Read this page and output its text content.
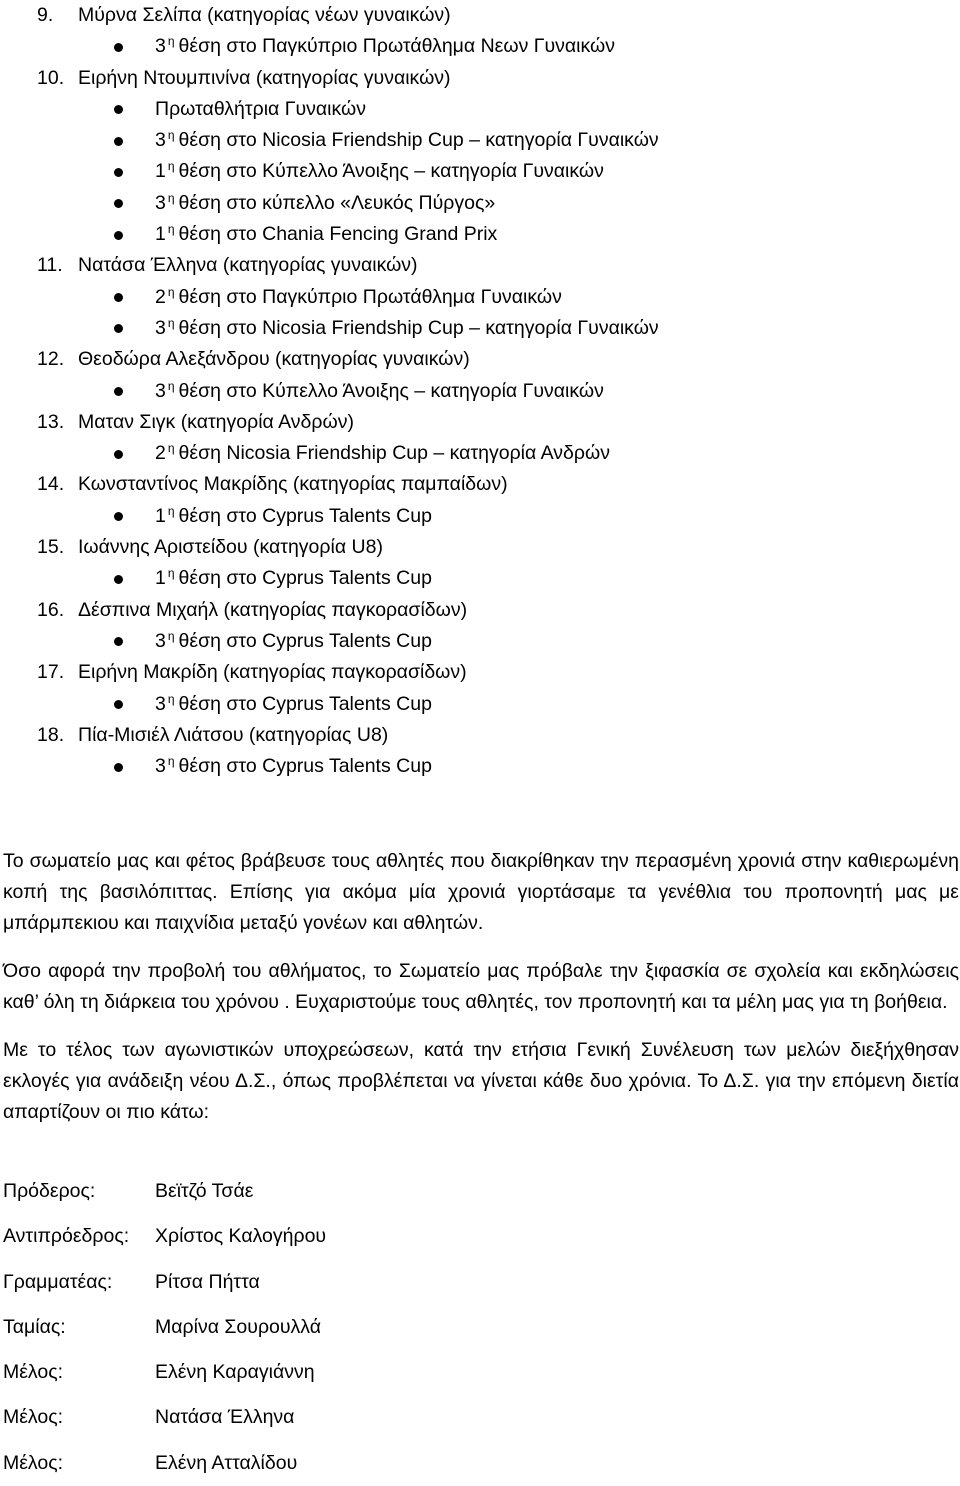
9. Μύρνα Σελίπα (κατηγορίας νέων γυναικών)
3 $^\eta$ θέση στο Παγκύπριο Πρωτάθλημα Νεων Γυναικών
10. Ειρήνη Ντουμπινίνα (κατηγορίας γυναικών)
Πρωταθλήτρια Γυναικών
3 $^\eta$ θέση στο Nicosia Friendship Cup – κατηγορία Γυναικών
1 $^\eta$ θέση στο Κύπελλο Άνοιξης – κατηγορία Γυναικών
3 $^\eta$ θέση στο κύπελλο «Λευκός Πύργος»
1 $^\eta$ θέση στο Chania Fencing Grand Prix
11. Νατάσα Έλληνα (κατηγορίας γυναικών)
2 $^\eta$ θέση στο Παγκύπριο Πρωτάθλημα Γυναικών
3 $^\eta$ θέση στο Nicosia Friendship Cup – κατηγορία Γυναικών
12. Θεοδώρα Αλεξάνδρου (κατηγορίας γυναικών)
3 $^\eta$ θέση στο Κύπελλο Άνοιξης – κατηγορία Γυναικών
13. Ματαν Σιγκ (κατηγορία Ανδρών)
2 $^\eta$ θέση Nicosia Friendship Cup – κατηγορία Ανδρών
14. Κωνσταντίνος Μακρίδης (κατηγορίας παμπαίδων)
1 $^\eta$ θέση στο Cyprus Talents Cup
15. Ιωάννης Αριστείδου (κατηγορία U8)
1 $^\eta$ θέση στο Cyprus Talents Cup
16. Δέσπινα Μιχαήλ (κατηγορίας παγκορασίδων)
3 $^\eta$ θέση στο Cyprus Talents Cup
17. Ειρήνη Μακρίδη (κατηγορίας παγκορασίδων)
3 $^\eta$ θέση στο Cyprus Talents Cup
18. Πία-Μισιέλ Λιάτσου (κατηγορίας U8)
3 $^\eta$ θέση στο Cyprus Talents Cup

Το σωματείο μας και φέτος βράβευσε τους αθλητές που διακρίθηκαν την περασμένη χρονιά στην καθιερωμένη κοπή της βασιλόπιττας. Επίσης για ακόμα μία χρονιά γιορτάσαμε τα γενέθλια του προπονητή μας με μπάρμπεκιου και παιχνίδια μεταξύ γονέων και αθλητών.

Όσο αφορά την προβολή του αθλήματος, το Σωματείο μας πρόβαλε την ξιφασκία σε σχολεία και εκδηλώσεις καθ’ όλη τη διάρκεια του χρόνου . Ευχαριστούμε τους αθλητές, τον προπονητή και τα μέλη μας για τη βοήθεια.

Με το τέλος των αγωνιστικών υποχρεώσεων, κατά την ετήσια Γενική Συνέλευση των μελών διεξήχθησαν εκλογές για ανάδειξη νέου Δ.Σ., όπως προβλέπεται να γίνεται κάθε δυο χρόνια. Το Δ.Σ. για την επόμενη διετία απαρτίζουν οι πιο κάτω:

Πρόδερος:	Βεϊτζό Τσάε
Αντιπρόεδρος: Χρίστος Καλογήρου
Γραμματέας: Ρίτσα Πήττα
Ταμίας:	Μαρίνα Σουρουλλά
Μέλος:	Ελένη Καραγιάννη
Μέλος:	Νατάσα Έλληνα
Μέλος:	Ελένη Ατταλίδου
